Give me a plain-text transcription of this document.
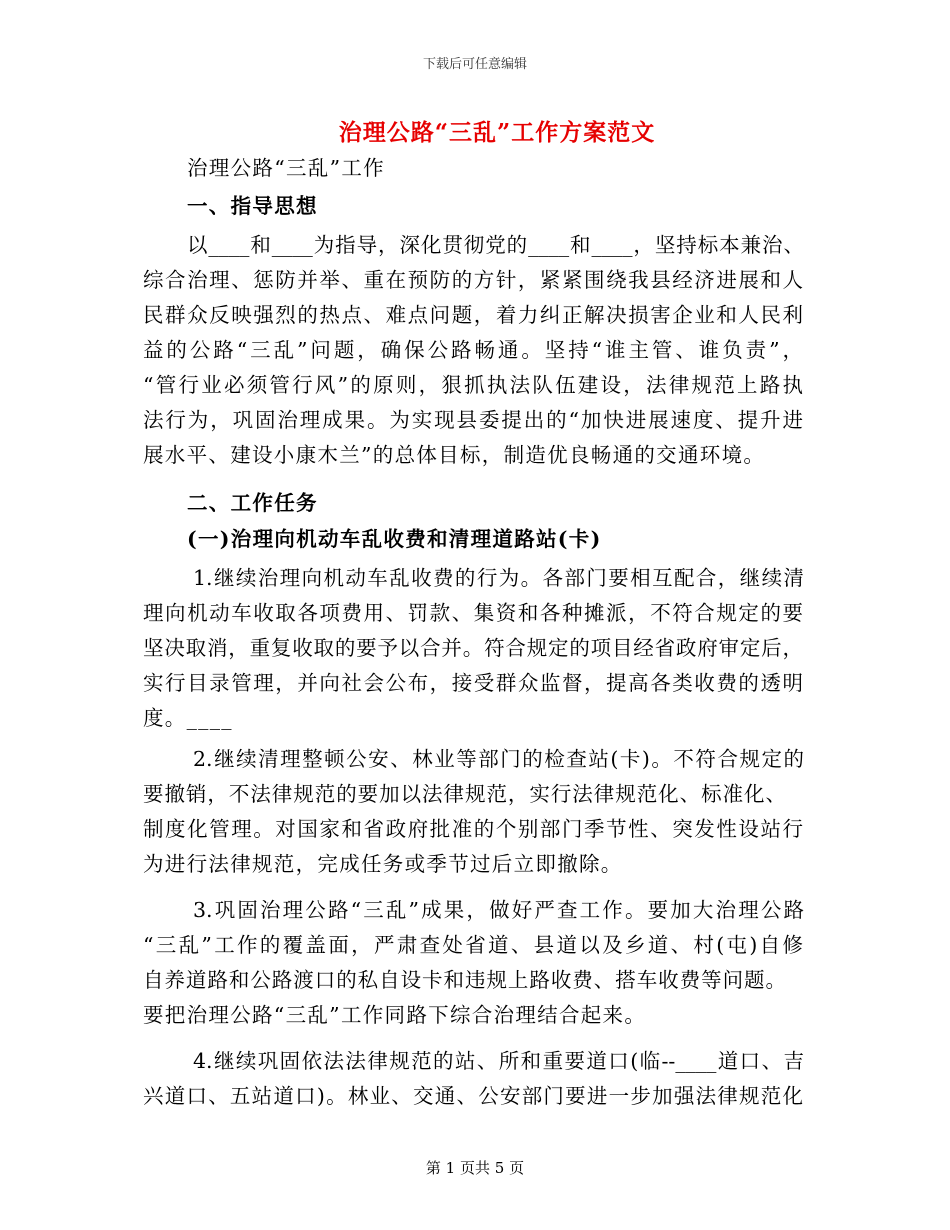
下载后可任意编辑
治理公路“三乱”工作方案范文
治理公路“三乱”工作
一、指导思想
以____和____为指导，深化贯彻党的____和____，坚持标本兼治、
综合治理、惩防并举、重在预防的方针，紧紧围绕我县经济进展和人
民群众反映强烈的热点、难点问题，着力纠正解决损害企业和人民利
益的公路“三乱”问题，确保公路畅通。坚持“谁主管、谁负责”，
“管行业必须管行风”的原则，狠抓执法队伍建设，法律规范上路执
法行为，巩固治理成果。为实现县委提出的“加快进展速度、提升进
展水平、建设小康木兰”的总体目标，制造优良畅通的交通环境。
二、工作任务
(一)治理向机动车乱收费和清理道路站(卡)
1.继续治理向机动车乱收费的行为。各部门要相互配合，继续清
理向机动车收取各项费用、罚款、集资和各种摊派，不符合规定的要
坚决取消，重复收取的要予以合并。符合规定的项目经省政府审定后，
实行目录管理，并向社会公布，接受群众监督，提高各类收费的透明
度。____
2.继续清理整顿公安、林业等部门的检查站(卡)。不符合规定的
要撤销，不法律规范的要加以法律规范，实行法律规范化、标准化、
制度化管理。对国家和省政府批准的个别部门季节性、突发性设站行
为进行法律规范，完成任务或季节过后立即撤除。
3.巩固治理公路“三乱”成果，做好严查工作。要加大治理公路
“三乱”工作的覆盖面，严肃查处省道、县道以及乡道、村(屯)自修
自养道路和公路渡口的私自设卡和违规上路收费、搭车收费等问题。
要把治理公路“三乱”工作同路下综合治理结合起来。
4.继续巩固依法法律规范的站、所和重要道口(临--____道口、吉
兴道口、五站道口)。林业、交通、公安部门要进一步加强法律规范化
第 1 页共 5 页
